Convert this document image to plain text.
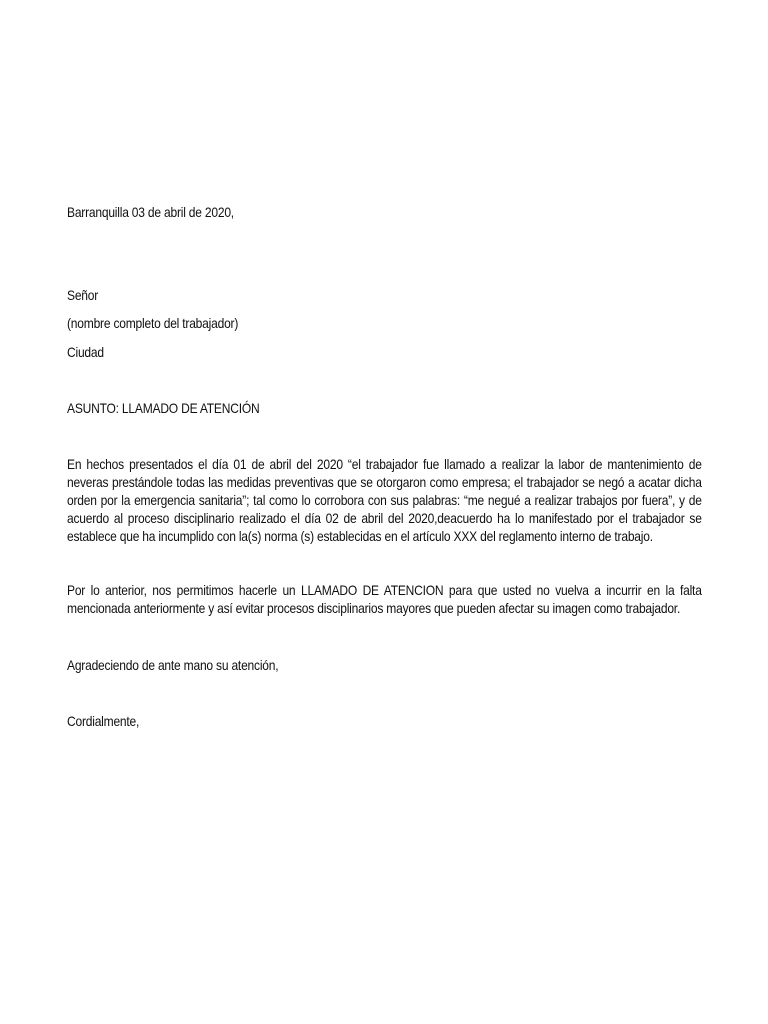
Barranquilla 03 de abril de 2020,
Señor
(nombre completo del trabajador)
Ciudad
ASUNTO: LLAMADO DE ATENCIÓN
En hechos presentados el día 01 de abril del 2020 “el trabajador fue llamado a realizar la labor de mantenimiento de neveras prestándole todas las medidas preventivas que se otorgaron como empresa; el trabajador se negó a acatar dicha orden por la emergencia sanitaria”; tal como lo corrobora con sus palabras: “me negué a realizar trabajos por fuera”, y de acuerdo al proceso disciplinario realizado el día 02 de abril del 2020,deacuerdo ha lo manifestado por el trabajador se establece que ha incumplido con la(s) norma (s) establecidas en el artículo XXX del reglamento interno de trabajo.
Por lo anterior, nos permitimos hacerle un LLAMADO DE ATENCION para que usted no vuelva a incurrir en la falta mencionada anteriormente y así evitar procesos disciplinarios mayores que pueden afectar su imagen como trabajador.
Agradeciendo de ante mano su atención,
Cordialmente,
